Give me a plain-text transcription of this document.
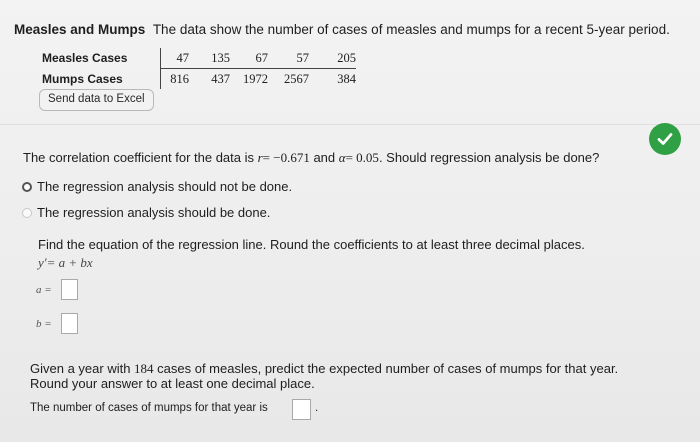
Measles and Mumps The data show the number of cases of measles and mumps for a recent 5-year period.
Measles Cases	47	135	67	57	205
Mumps Cases	816	437	1972	2567	384
Send data to Excel
The correlation coefficient for the data is r= −0.671 and α= 0.05. Should regression analysis be done?
The regression analysis should not be done.
The regression analysis should be done.
Find the equation of the regression line. Round the coefficients to at least three decimal places.
y′= a + bx
a =
b =
Given a year with 184 cases of measles, predict the expected number of cases of mumps for that year.
Round your answer to at least one decimal place.
The number of cases of mumps for that year is	.
